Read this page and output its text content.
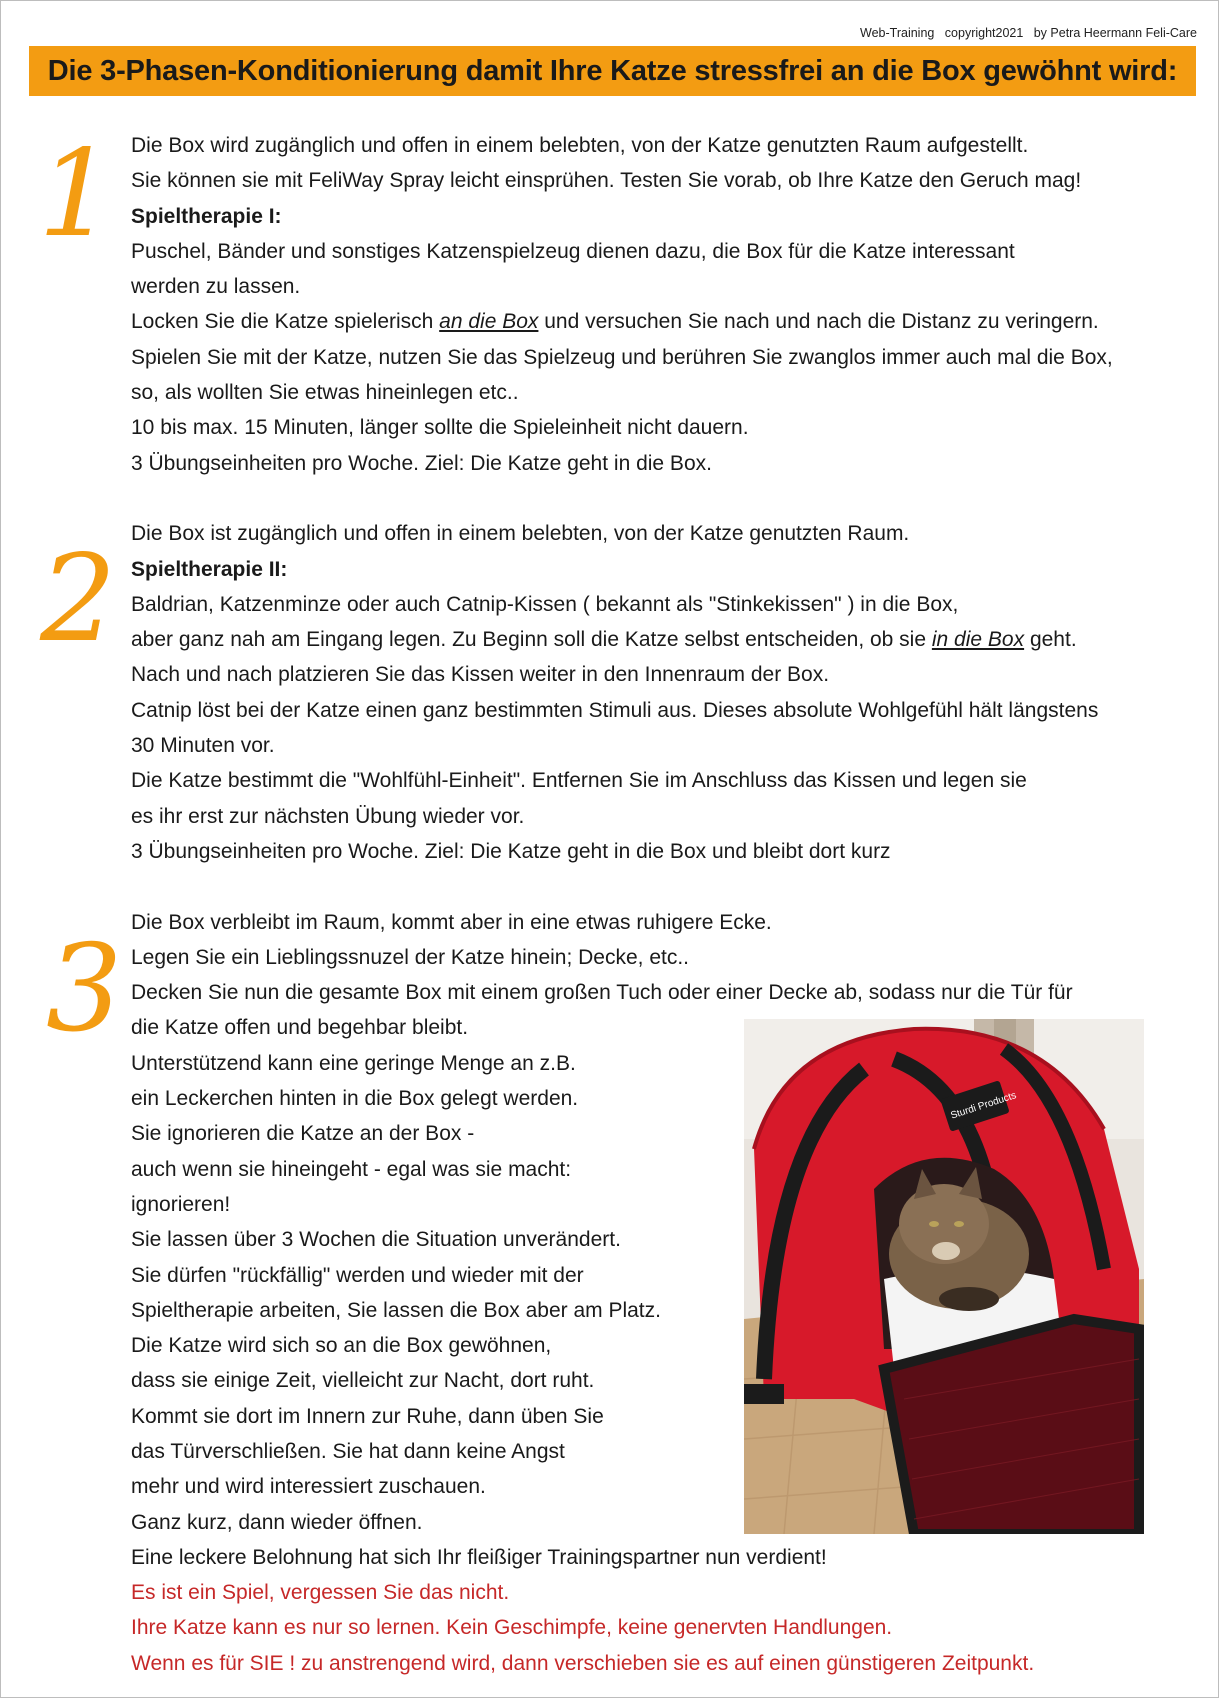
Web-Training   copyright2021   by Petra Heermann Feli-Care
Die 3-Phasen-Konditionierung damit Ihre Katze stressfrei an die Box gewöhnt wird:
1
2
3
Die Box wird zugänglich und offen in einem belebten, von der Katze genutzten Raum aufgestellt.
Sie können sie mit FeliWay Spray leicht einsprühen. Testen Sie vorab, ob Ihre Katze den Geruch mag!
Spieltherapie I:
Puschel, Bänder und sonstiges Katzenspielzeug dienen dazu, die Box für die Katze interessant
werden zu lassen.
Locken Sie die Katze spielerisch an die Box und versuchen Sie nach und nach die Distanz zu veringern.
Spielen Sie mit der Katze, nutzen Sie das Spielzeug und berühren Sie zwanglos immer auch mal die Box,
so, als wollten Sie etwas hineinlegen etc..
10 bis max. 15 Minuten, länger sollte die Spieleinheit nicht dauern.
3 Übungseinheiten pro Woche. Ziel: Die Katze geht in die Box.
Die Box ist zugänglich und offen in einem belebten, von der Katze genutzten Raum.
Spieltherapie II:
Baldrian, Katzenminze oder auch Catnip-Kissen ( bekannt als "Stinkekissen" ) in die Box,
aber ganz nah am Eingang legen. Zu Beginn soll die Katze selbst entscheiden, ob sie in die Box geht.
Nach und nach platzieren Sie das Kissen weiter in den Innenraum der Box.
Catnip löst bei der Katze einen ganz bestimmten Stimuli aus. Dieses absolute Wohlgefühl hält längstens
30 Minuten vor.
Die Katze bestimmt die "Wohlfühl-Einheit". Entfernen Sie im Anschluss das Kissen und legen sie
es ihr erst zur nächsten Übung wieder vor.
3 Übungseinheiten pro Woche. Ziel: Die Katze geht in die Box und bleibt dort kurz
Die Box verbleibt im Raum, kommt aber in eine etwas ruhigere Ecke.
Legen Sie ein Lieblingssnuzel der Katze hinein; Decke, etc..
Decken Sie nun die gesamte Box mit einem großen Tuch oder einer Decke ab, sodass nur die Tür für
die Katze offen und begehbar bleibt.
Unterstützend kann eine geringe Menge an z.B.
ein Leckerchen hinten in die Box gelegt werden.
Sie ignorieren die Katze an der Box -
auch wenn sie hineingeht - egal was sie macht:
ignorieren!
Sie lassen über 3 Wochen die Situation unverändert.
Sie dürfen "rückfällig" werden und wieder mit der
Spieltherapie arbeiten, Sie lassen die Box aber am Platz.
Die Katze wird sich so an die Box gewöhnen,
dass sie einige Zeit, vielleicht zur Nacht, dort ruht.
Kommt sie dort im Innern zur Ruhe, dann üben Sie
das Türverschließen. Sie hat dann keine Angst
mehr und wird interessiert zuschauen.
Ganz kurz, dann wieder öffnen.
Eine leckere Belohnung hat sich Ihr fleißiger Trainingspartner nun verdient!
Es ist ein Spiel, vergessen Sie das nicht.
Ihre Katze kann es nur so lernen. Kein Geschimpfe, keine genervten Handlungen.
Wenn es für SIE ! zu anstrengend wird, dann verschieben sie es auf einen günstigeren Zeitpunkt.
Sturdi Products
